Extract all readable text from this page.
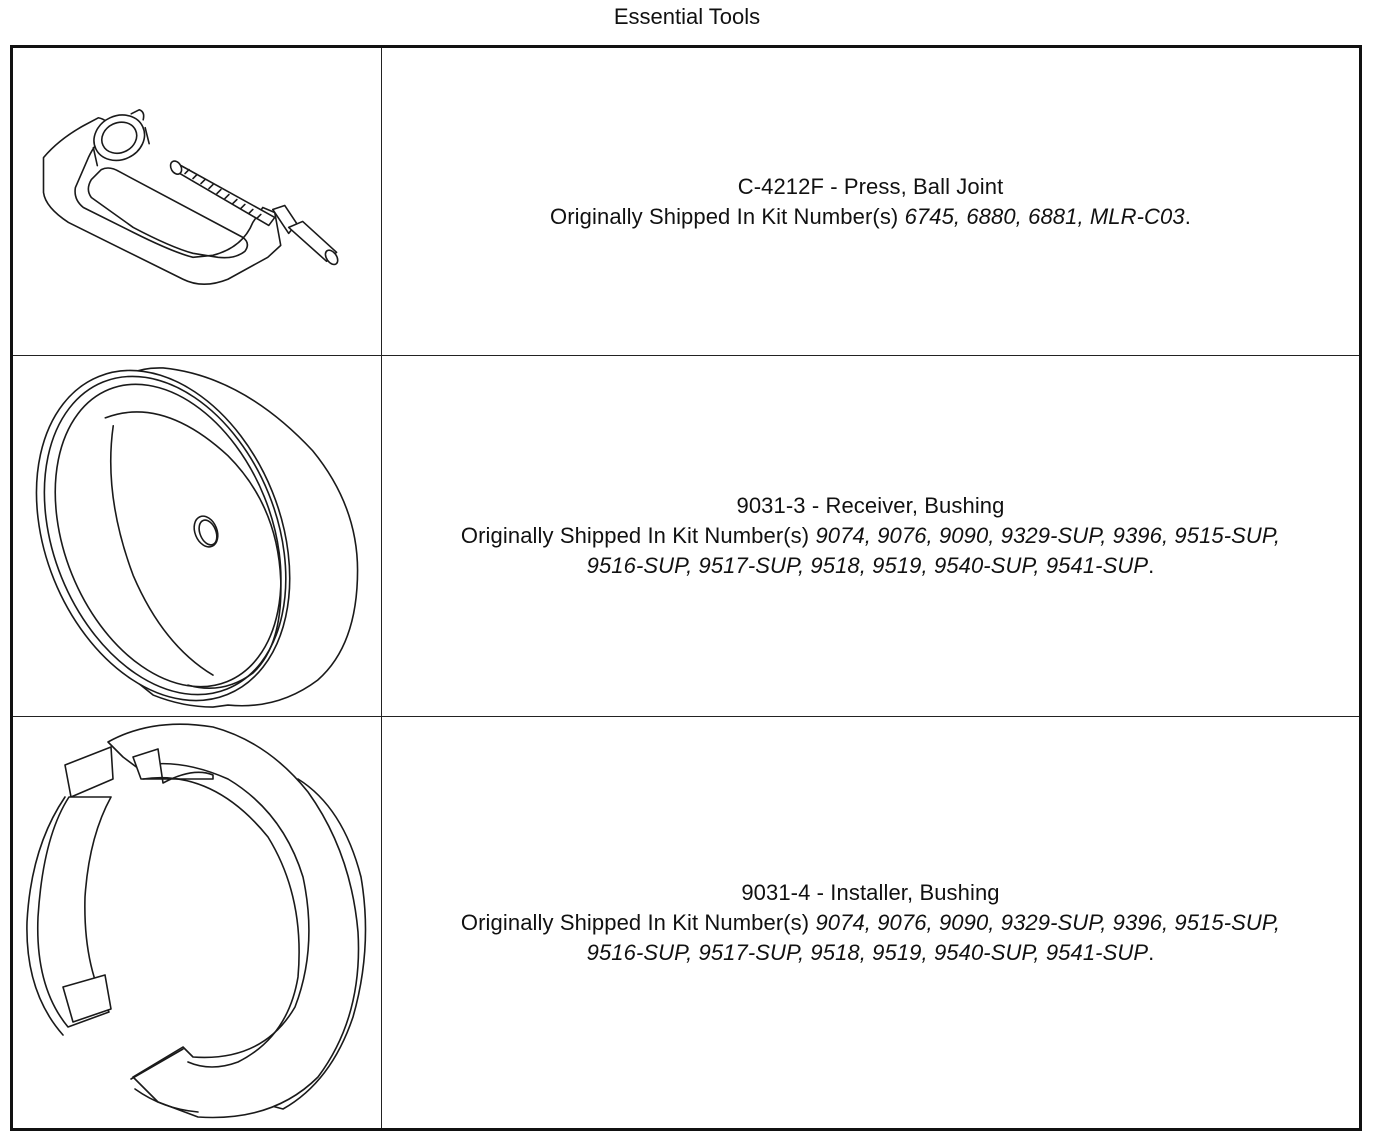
Essential Tools
C-4212F - Press, Ball Joint
Originally Shipped In Kit Number(s) 6745, 6880, 6881, MLR-C03.
9031-3 - Receiver, Bushing
Originally Shipped In Kit Number(s) 9074, 9076, 9090, 9329-SUP, 9396, 9515-SUP,
9516-SUP, 9517-SUP, 9518, 9519, 9540-SUP, 9541-SUP.
9031-4 - Installer, Bushing
Originally Shipped In Kit Number(s) 9074, 9076, 9090, 9329-SUP, 9396, 9515-SUP,
9516-SUP, 9517-SUP, 9518, 9519, 9540-SUP, 9541-SUP.
